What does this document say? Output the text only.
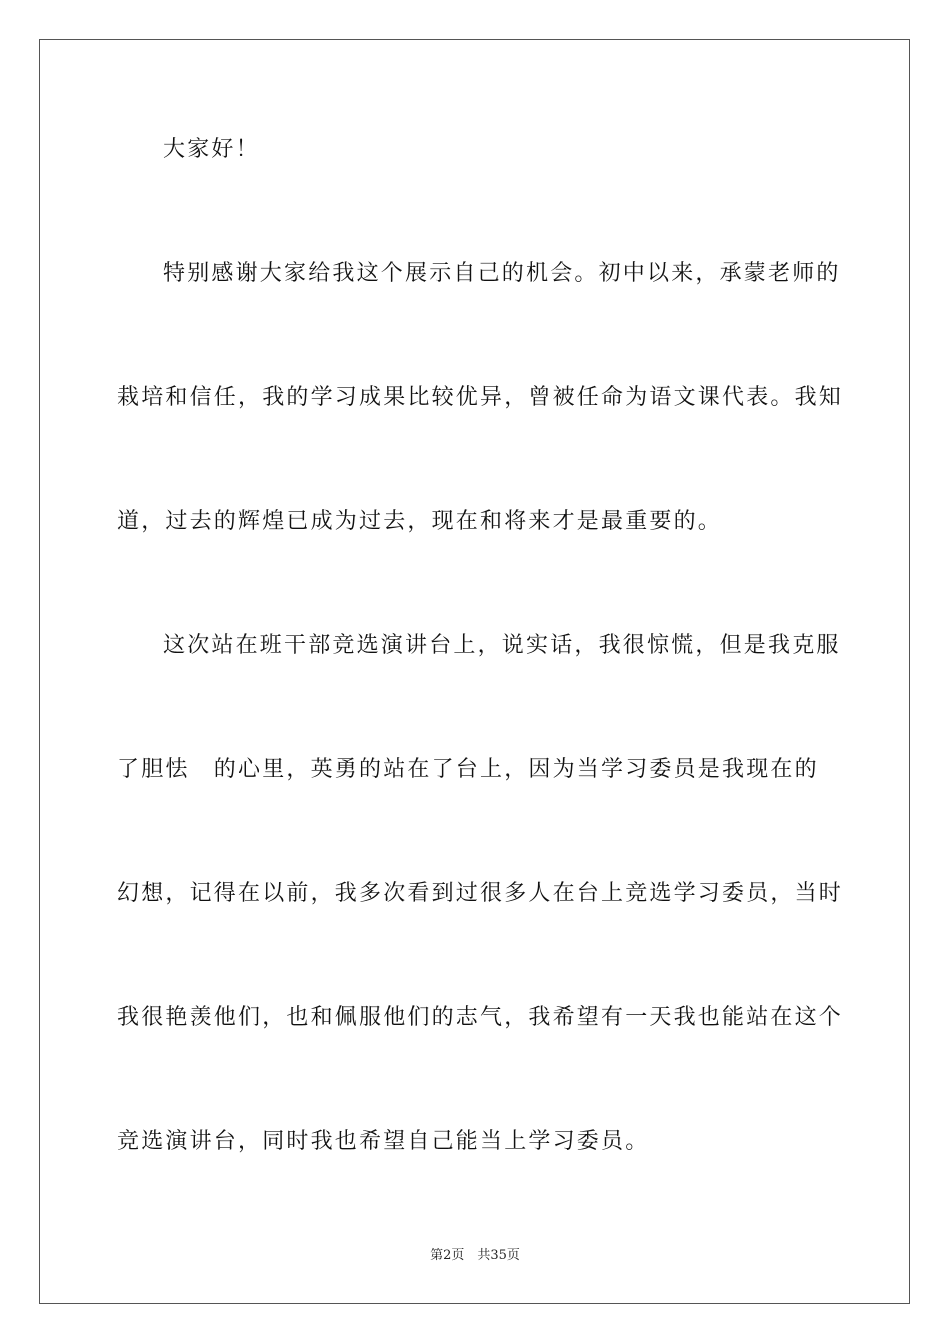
大家好！
特别感谢大家给我这个展示自己的机会。初中以来，承蒙老师的
栽培和信任，我的学习成果比较优异，曾被任命为语文课代表。我知
道，过去的辉煌已成为过去，现在和将来才是最重要的。
这次站在班干部竞选演讲台上，说实话，我很惊慌，但是我克服
了胆怯　的心里，英勇的站在了台上，因为当学习委员是我现在的
幻想，记得在以前，我多次看到过很多人在台上竞选学习委员，当时
我很艳羡他们，也和佩服他们的志气，我希望有一天我也能站在这个
竞选演讲台，同时我也希望自己能当上学习委员。
第2页　共35页
